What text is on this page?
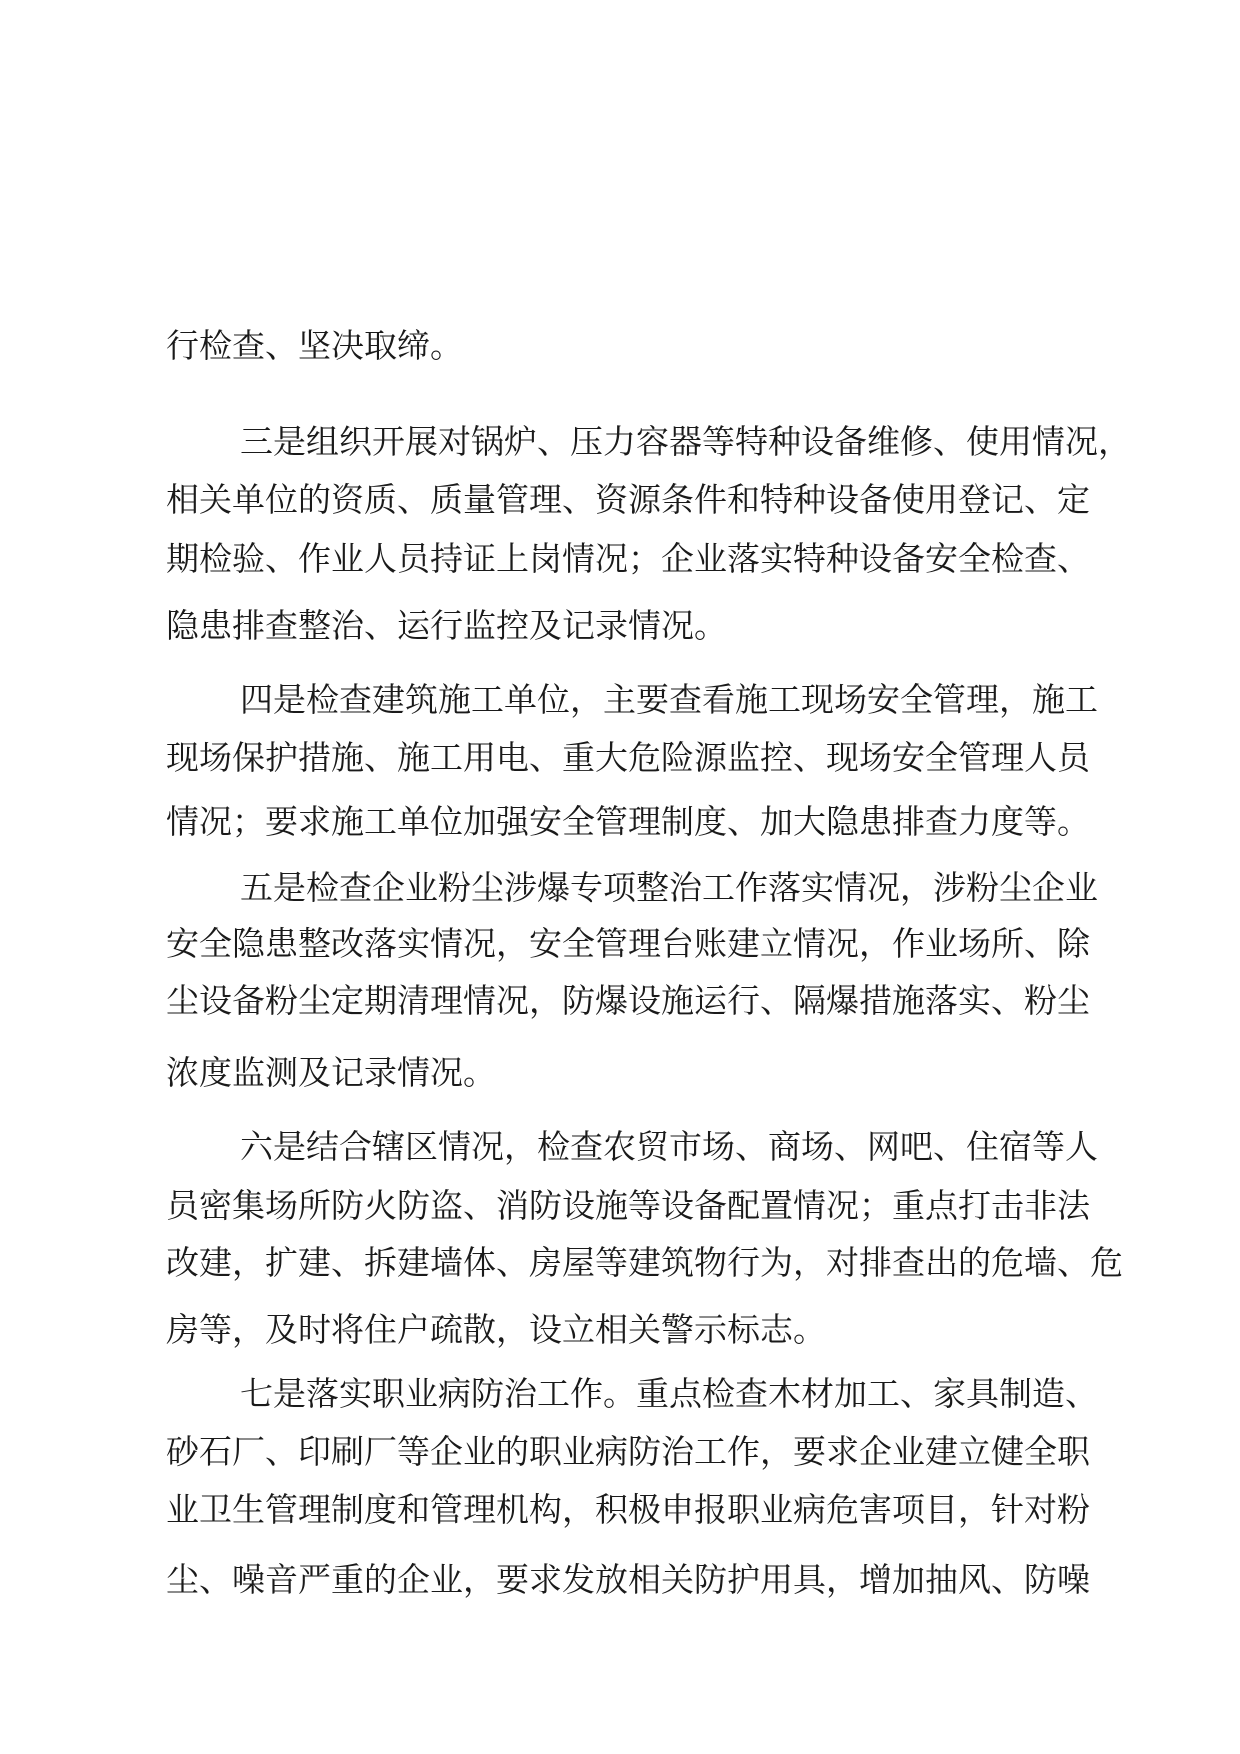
行检查、坚决取缔。
三是组织开展对锅炉、压力容器等特种设备维修、使用情况，
相关单位的资质、质量管理、资源条件和特种设备使用登记、定
期检验、作业人员持证上岗情况；企业落实特种设备安全检查、
隐患排查整治、运行监控及记录情况。
四是检查建筑施工单位，主要查看施工现场安全管理，施工
现场保护措施、施工用电、重大危险源监控、现场安全管理人员
情况；要求施工单位加强安全管理制度、加大隐患排查力度等。
五是检查企业粉尘涉爆专项整治工作落实情况，涉粉尘企业
安全隐患整改落实情况，安全管理台账建立情况，作业场所、除
尘设备粉尘定期清理情况，防爆设施运行、隔爆措施落实、粉尘
浓度监测及记录情况。
六是结合辖区情况，检查农贸市场、商场、网吧、住宿等人
员密集场所防火防盗、消防设施等设备配置情况；重点打击非法
改建，扩建、拆建墙体、房屋等建筑物行为，对排查出的危墙、危
房等，及时将住户疏散，设立相关警示标志。
七是落实职业病防治工作。重点检查木材加工、家具制造、
砂石厂、印刷厂等企业的职业病防治工作，要求企业建立健全职
业卫生管理制度和管理机构，积极申报职业病危害项目，针对粉
尘、噪音严重的企业，要求发放相关防护用具，增加抽风、防噪
